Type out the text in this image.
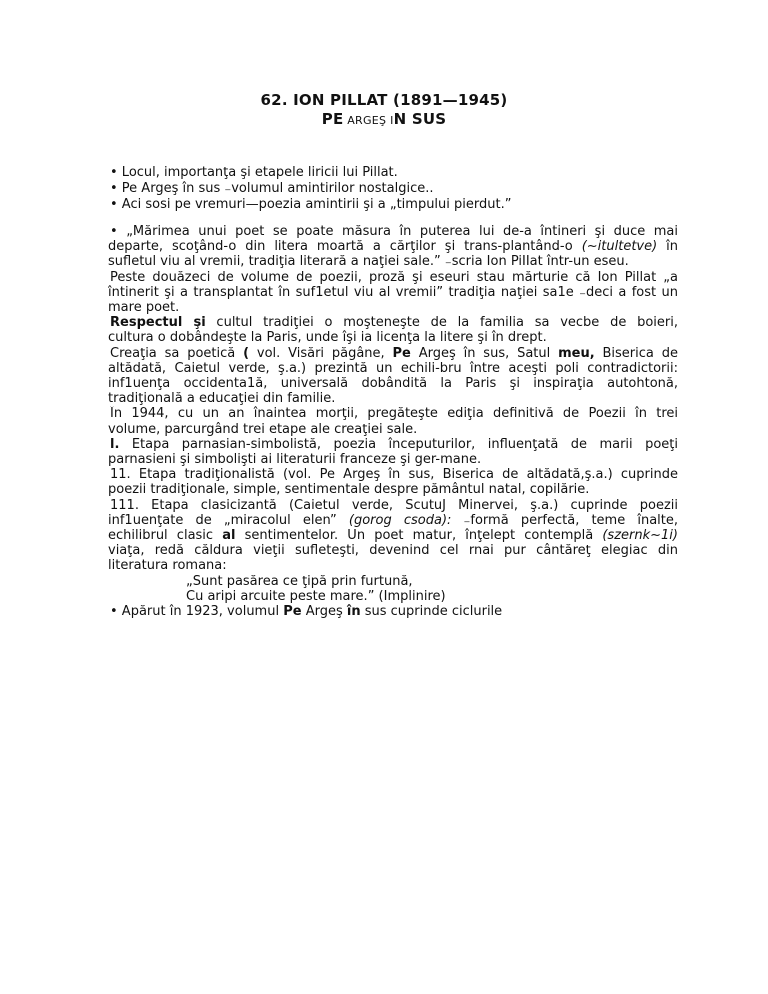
62. ION PILLAT (1891—1945)
PE ARGEŞ IN SUS
• Locul, importanţa şi etapele liricii lui Pillat.
• Pe Argeş în sus ₋volumul amintirilor nostalgice..
• Aci sosi pe vremuri—poezia amintirii şi a „timpului pierdut.”
• „Mărimea unui poet se poate măsura în puterea lui de-a întineri şi duce mai
departe, scoţând-o din litera moartă a cărţilor şi trans-plantând-o (~itultetve) în
sufletul viu al vremii, tradiţia literară a naţiei sale.” ₋scria Ion PiIIat într-un eseu.
Peste douăzeci de volume de poezii, proză şi eseuri stau mărturie că Ion Pillat „a
întinerit şi a transplantat în suf1etul viu al vremii” tradiţia naţiei sa1e ₋deci a fost un
mare poet.
Respectul şi cultul tradiţiei o moşteneşte de la familia sa vecbe de boieri,
cultura o dobândeşte la Paris, unde îşi ia licenţa la litere şi în drept.
Creaţia sa poetică ( vol. Visări păgâne, Pe Argeş în sus, Satul meu, Biserica de
altădată, Caietul verde, ş.a.) prezintă un echili-bru între aceşti poli contradictorii:
inf1uenţa occidenta1ă, universală dobândită la Paris şi inspiraţia autohtonă,
tradiţională a educaţiei din familie.
În 1944, cu un an înaintea morţii, pregăteşte ediţia definitivă de Poezii în trei
volume, parcurgând trei etape ale creaţiei sale.
l. Etapa parnasian-simbolistă, poezia începuturilor, influenţată de marii poeţi
parnasieni şi simbolişti ai literaturii franceze şi ger-mane.
11. Etapa tradiţionalistă (vol. Pe Argeş în sus, Biserica de altădată,ş.a.) cuprinde
poezii tradiţionale, simple, sentimentale despre pământul natal, copilărie.
111. Etapa clasicizantă (Caietul verde, ScutuJ Minervei, ş.a.) cuprinde poezii
inf1uenţate de „miracolul elen” (gorog csoda): ₋formă perfectă, teme înalte,
echilibrul clasic al sentimentelor. Un poet matur, înţelept contemplă (szernk~1i)
viaţa, redă căldura vieţii sufleteşti, devenind cel rnai pur cântăreţ elegiac din
literatura romana:
„Sunt pasărea ce ţipă prin furtună,
Cu aripi arcuite peste mare.” (Implinire)
• Apărut în 1923, volumul Pe Argeş în sus cuprinde ciclurile
